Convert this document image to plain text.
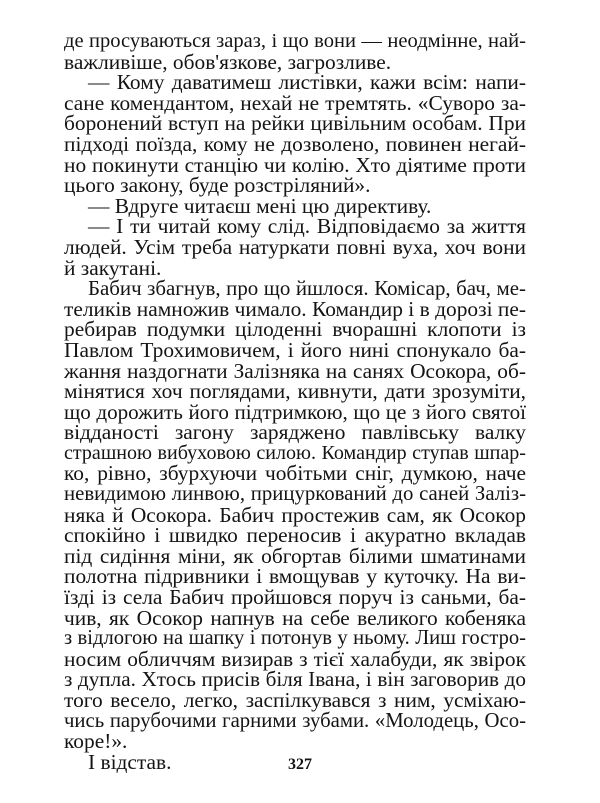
де просуваються зараз, і що вони — неодмінне, най-
важливіше, обов'язкове, загрозливе.
— Кому даватимеш листівки, кажи всім: напи-
сане комендантом, нехай не тремтять. «Суворо за-
боронений вступ на рейки цивільним особам. При
підході поїзда, кому не дозволено, повинен негай-
но покинути станцію чи колію. Хто діятиме проти
цього закону, буде розстріляний».
— Вдруге читаєш мені цю директиву.
— І ти читай кому слід. Відповідаємо за життя
людей. Усім треба натуркати повні вуха, хоч вони
й закутані.
Бабич збагнув, про що йшлося. Комісар, бач, ме-
теликів намножив чимало. Командир і в дорозі пе-
ребирав подумки цілоденні вчорашні клопоти із
Павлом Трохимовичем, і його нині спонукало ба-
жання наздогнати Залізняка на санях Осокора, об-
мінятися хоч поглядами, кивнути, дати зрозуміти,
що дорожить його підтримкою, що це з його святої
відданості загону заряджено павлівську валку
страшною вибуховою силою. Командир ступав шпар-
ко, рівно, збурхуючи чобітьми сніг, думкою, наче
невидимою линвою, прицуркований до саней Заліз-
няка й Осокора. Бабич простежив сам, як Осокор
спокійно і швидко переносив і акуратно вкладав
під сидіння міни, як обгортав білими шматинами
полотна підривники і вмощував у куточку. На ви-
їзді із села Бабич пройшовся поруч із саньми, ба-
чив, як Осокор напнув на себе великого кобеняка
з відлогою на шапку і потонув у ньому. Лиш гостро-
носим обличчям визирав з тієї халабуди, як звірок
з дупла. Хтось присів біля Івана, і він заговорив до
того весело, легко, заспілкувався з ним, усміхаю-
чись парубочими гарними зубами. «Молодець, Осо-
коре!».
І відстав.	327
